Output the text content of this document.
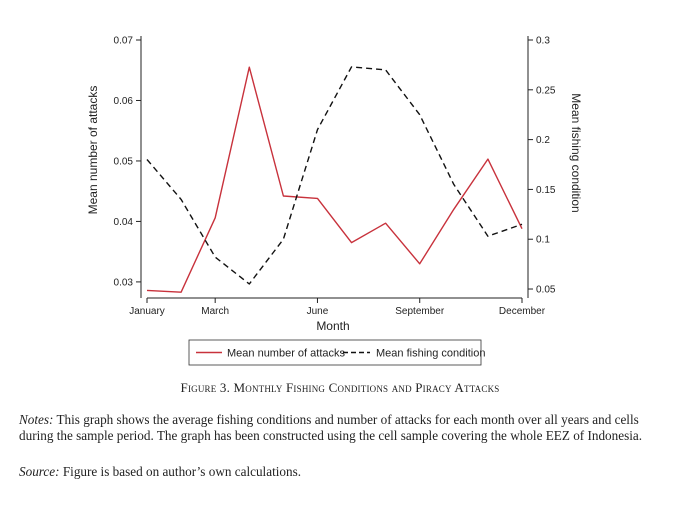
0.03
0.04
0.05
0.06
0.07
0.05
0.1
0.15
0.2
0.25
0.3
January	March	June	September	December
Month
Mean number of attacks	Mean fishing condition
Mean number of attacks	Mean fishing condition
Figure 3. Monthly Fishing Conditions and Piracy Attacks

Notes: This graph shows the average fishing conditions and number of attacks for each month over all years and cells during the sample period. The graph has been constructed using the cell sample covering the whole EEZ of Indonesia.

Source: Figure is based on author’s own calculations.
